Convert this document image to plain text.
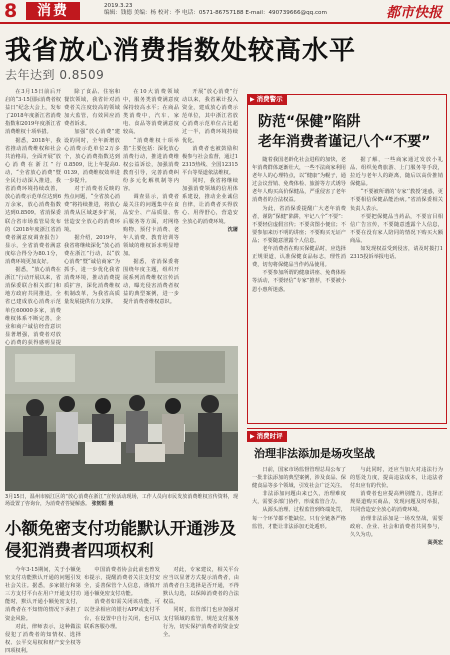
8	消费	2019.3.23
编辑：钱德 美编：杨 校对：李 电话：0571-86757188 E-mail：490739666@qq.com	都市快报
我省放心消费指数处较高水平
去年达到 0.8509

在3月15日前后开启的“3·15国际消费者权益日”纪念大会上，发布了2018年度浙江省消费指数和2019年度浙江省消费维权十项举措。

据悉，2018年，我省推动消费维权和社会共治格局，全面开展“放心消费在浙江”行动，“全省放心消费”暨全民行动深入推进，我省消费环境持续改善，放心消费示范单位达到6万余家，放心消费指数达到0.8509。省消保委联合省市场监管局发布的《2018年度浙江省消费者满意度调查报告》显示，全省消费者满意度综合得分为80.1分，消费环境更加友好。

据悉，“放心消费在浙江”行动开展以来，省消保委联合相关部门和地方政府共同推进，全省已建成放心消费示范单位60000多家，消费维权体系不断完善，企业和商户诚信经营意识显著增强，消费者对放心消费的获得感明显提

除了食品、住宿和餐饮领域，我省针对消费者关注度较高的领域加大监管，有效回应消费者诉求。

加强“放心消费”建设的同时，全年新增放心消费示范单位2万多个，放心消费指数达到0.8509，比上年提高0.0139，消费维权效率进一步提升。

对于消费者反映的热点问题，“全省放心消费”将持续推进，将放心消费从区域逐步扩展，营造安全放心的消费环境。

据介绍，2019年，我省将继续深化“放心消费在浙江”行动，以“放心消费”暨“诚信商家”为抓手，进一步优化我省消费环境，推动消费提质扩容，深化消费维权机制改革，为我省高质量发展提供有力支撑。

在10大消费领域中，服务类消费满意度保持较高水平；在商品类消费中，汽车、家电、食品等消费满意度较高。

“消费维权十项举措”主要包括：深化放心消费行动，推进消费维权公益诉讼，加强消费教育引导，完善消费纠纷多元化解机制等内容。

调查显示，消费者最关注的问题集中在食品安全、产品质量、售后服务等方面，对网络购物、预付卡消费、老年人消费、教育培训等领域的维权诉求明显增加。

据悉，省消保委将围绕年度主题，组织开展系列消费维权宣传活动，曝光侵害消费者权益的典型案例，进一步提升消费者维权意识。

开展“放心消费”行动以来，我省累计投入资金，建成放心消费示范单位，其中浙江省放心消费示范单位占比超过一半，消费环境持续优化。

消费者也被鼓励积极参与社会监督，通过12315热线、全国12315平台等渠道依法维权。

同时，我省将继续加强消费领域的信用体系建设，推动企业诚信自律，让消费者买得放心、用得舒心，营造安全放心的消费环境。

沈屠
3月15日，温州市瓯江区的“放心消费在浙江”宣传活动现场，工作人员向市民发放消费维权宣传资料，现场设置了咨询台，为消费者答疑解惑。 张韧阳 摄
小额免密支付功能默认开通涉及侵犯消费者四项权利

今年3·15期间，关于小额免密支付功能默认开通的问题引发社会关注。据悉，多家银行和第三方支付平台在用户开通支付功能时，默认开通小额免密支付，消费者在不知情的情况下承担了资金风险。

对此，律师表示，这种做法侵犯了消费者的知情权、选择权、公平交易权和财产安全权等四项权利。

中国消费者协会此前也曾发布提示，提醒消费者关注支付安全，妥善保管个人信息，谨慎开通小额免密支付功能。

消费者如需关闭该功能，可以登录相应的银行APP或支付平台，在设置中自行关闭，也可以联系客服办理。

对此，专家建议，相关平台应当以显著方式提示消费者，由消费者自主选择是否开通，不得默认勾选，以保障消费者的合法权益。

同时，监管部门也应加强对支付领域的监管，规范支付服务行为，切实保护消费者的资金安全。

▶ 消费警示
防范“保健”陷阱
老年消费者谨记八个“不要”

随着我国老龄化社会进程的加快，老年消费群体逐渐壮大，一些不法商家利用老年人的心理特点，以“健康”为幌子，通过会议营销、免费体检、旅游等方式诱导老年人购买高价保健品，严重侵害了老年消费者的合法权益。

为此，省消保委提醒广大老年消费者，谨防“保健”陷阱，牢记八个“不要”：不要轻信虚假宣传；不要贪图小便宜；不要参加来历不明的讲座；不要购买无证产品；不要随意泄露个人信息。

老年消费者在购买保健品时，应选择正规渠道，认准保健食品标志，理性消费，切勿将保健品当作药品使用。

不要参加所谓的健康讲座、免费体检等活动，不要轻信“专家”推荐，不要被小恩小惠所迷惑。

据了解，一些商家通过发放小礼品、组织免费旅游、上门服务等手段，拉近与老年人的距离，随后以高价推销保健品。

“不要被所谓的‘专家’‘教授’迷惑，更不要相信保健品能治病。”省消保委相关负责人表示。

不要把保健品当药品，不要盲目相信广告宣传，不要随意透露个人信息，不要在没有家人陪同的情况下购买大额商品。

如发现权益受到侵害，请及时拨打12315投诉举报电话。

▶ 消费时评
治理非法添加是场攻坚战

日前，国家市场监督管理总局公布了一批非法添加的典型案例，涉及食品、保健食品等多个领域，引发社会广泛关注。

非法添加问题由来已久，治理难度大，需要多部门协作，形成监管合力。

从源头治理、过程监管到终端处罚，每一个环节都不能缺位。只有全链条严格监管，才能让非法添加无处遁形。

与此同时，还应当加大对违法行为的惩处力度，提高违法成本，让违法者付出应有的代价。

消费者也应提高辨别能力，选择正规渠道购买商品，发现问题及时举报，共同营造安全放心的消费环境。

治理非法添加是一场攻坚战，需要政府、企业、社会和消费者共同参与，久久为功。

高英宏
